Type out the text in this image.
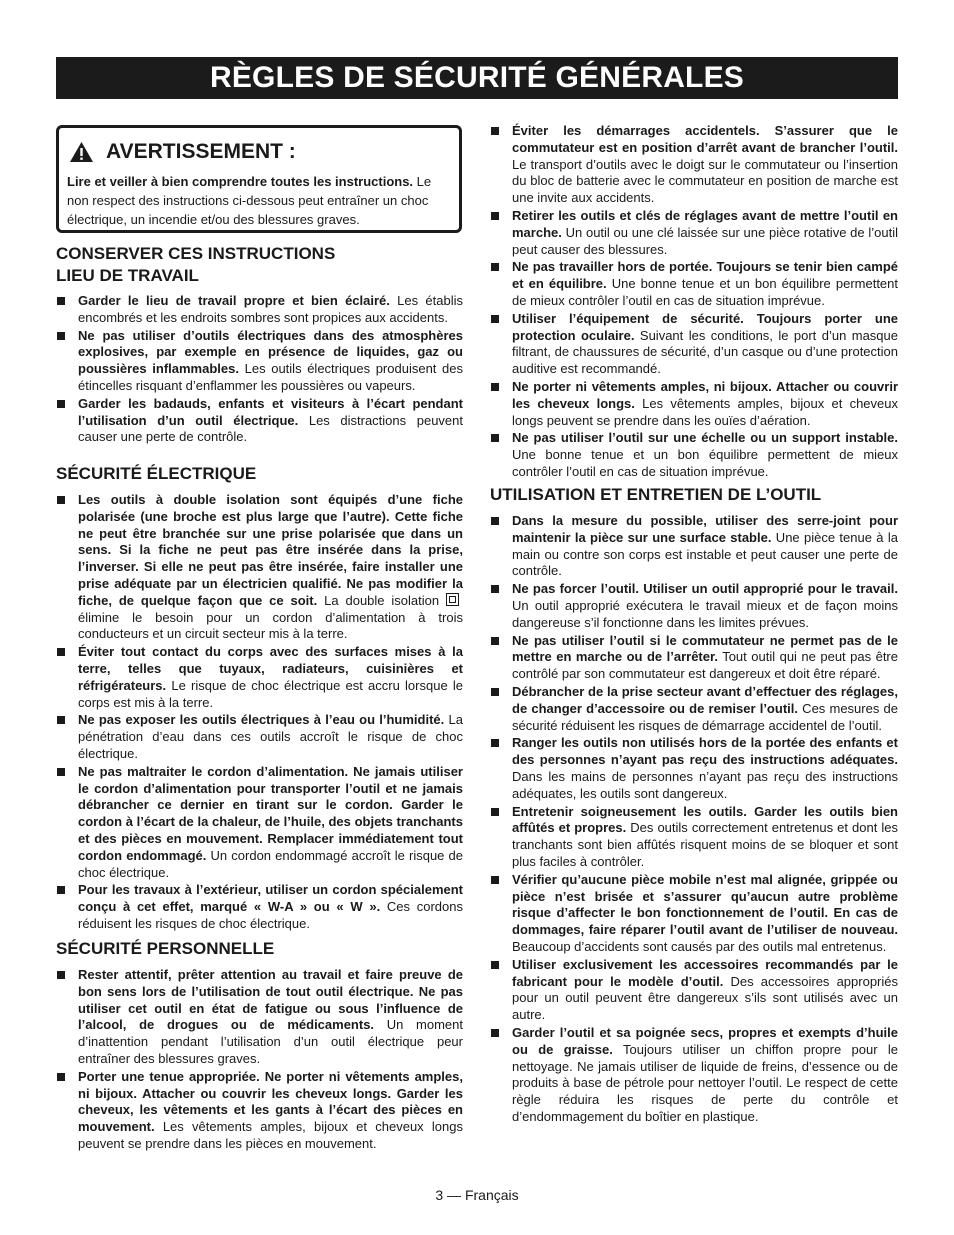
RÈGLES DE SÉCURITÉ GÉNÉRALES
AVERTISSEMENT :
Lire et veiller à bien comprendre toutes les instructions. Le non respect des instructions ci-dessous peut entraîner un choc électrique, un incendie et/ou des blessures graves.
CONSERVER CES INSTRUCTIONS
LIEU DE TRAVAIL
Garder le lieu de travail propre et bien éclairé. Les établis encombrés et les endroits sombres sont propices aux accidents.
Ne pas utiliser d’outils électriques dans des atmosphères explosives, par exemple en présence de liquides, gaz ou poussières inflammables. Les outils électriques produisent des étincelles risquant d’enflammer les poussières ou vapeurs.
Garder les badauds, enfants et visiteurs à l’écart pendant l’utilisation d’un outil électrique. Les distractions peuvent causer une perte de contrôle.
SÉCURITÉ ÉLECTRIQUE
Les outils à double isolation sont équipés d’une fiche polarisée (une broche est plus large que l’autre). Cette fiche ne peut être branchée sur une prise polarisée que dans un sens. Si la fiche ne peut pas être insérée dans la prise, l’inverser. Si elle ne peut pas être insérée, faire installer une prise adéquate par un électricien qualifié. Ne pas modifier la fiche, de quelque façon que ce soit. La double isolation élimine le besoin pour un cordon d’alimentation à trois conducteurs et un circuit secteur mis à la terre.
Éviter tout contact du corps avec des surfaces mises à la terre, telles que tuyaux, radiateurs, cuisinières et réfrigérateurs. Le risque de choc électrique est accru lorsque le corps est mis à la terre.
Ne pas exposer les outils électriques à l’eau ou l’humidité. La pénétration d’eau dans ces outils accroît le risque de choc électrique.
Ne pas maltraiter le cordon d’alimentation. Ne jamais utiliser le cordon d’alimentation pour transporter l’outil et ne jamais débrancher ce dernier en tirant sur le cordon. Garder le cordon à l’écart de la chaleur, de l’huile, des objets tranchants et des pièces en mouvement. Remplacer immédiatement tout cordon endommagé. Un cordon endommagé accroît le risque de choc électrique.
Pour les travaux à l’extérieur, utiliser un cordon spécialement conçu à cet effet, marqué « W-A » ou « W ». Ces cordons réduisent les risques de choc électrique.
SÉCURITÉ PERSONNELLE
Rester attentif, prêter attention au travail et faire preuve de bon sens lors de l’utilisation de tout outil électrique. Ne pas utiliser cet outil en état de fatigue ou sous l’influence de l’alcool, de drogues ou de médicaments. Un moment d’inattention pendant l’utilisation d’un outil électrique peur entraîner des blessures graves.
Porter une tenue appropriée. Ne porter ni vêtements amples, ni bijoux. Attacher ou couvrir les cheveux longs. Garder les cheveux, les vêtements et les gants à l’écart des pièces en mouvement. Les vêtements amples, bijoux et cheveux longs peuvent se prendre dans les pièces en mouvement.
Éviter les démarrages accidentels. S’assurer que le commutateur est en position d’arrêt avant de brancher l’outil. Le transport d’outils avec le doigt sur le commutateur ou l’insertion du bloc de batterie avec le commutateur en position de marche est une invite aux accidents.
Retirer les outils et clés de réglages avant de mettre l’outil en marche. Un outil ou une clé laissée sur une pièce rotative de l’outil peut causer des blessures.
Ne pas travailler hors de portée. Toujours se tenir bien campé et en équilibre. Une bonne tenue et un bon équilibre permettent de mieux contrôler l’outil en cas de situation imprévue.
Utiliser l’équipement de sécurité. Toujours porter une protection oculaire. Suivant les conditions, le port d’un masque filtrant, de chaussures de sécurité, d’un casque ou d’une protection auditive est recommandé.
Ne porter ni vêtements amples, ni bijoux. Attacher ou couvrir les cheveux longs. Les vêtements amples, bijoux et cheveux longs peuvent se prendre dans les ouïes d’aération.
Ne pas utiliser l’outil sur une échelle ou un support instable. Une bonne tenue et un bon équilibre permettent de mieux contrôler l’outil en cas de situation imprévue.
UTILISATION ET ENTRETIEN DE L’OUTIL
Dans la mesure du possible, utiliser des serre-joint pour maintenir la pièce sur une surface stable. Une pièce tenue à la main ou contre son corps est instable et peut causer une perte de contrôle.
Ne pas forcer l’outil. Utiliser un outil approprié pour le travail. Un outil approprié exécutera le travail mieux et de façon moins dangereuse s’il fonctionne dans les limites prévues.
Ne pas utiliser l’outil si le commutateur ne permet pas de le mettre en marche ou de l’arrêter. Tout outil qui ne peut pas être contrôlé par son commutateur est dangereux et doit être réparé.
Débrancher de la prise secteur avant d’effectuer des réglages, de changer d’accessoire ou de remiser l’outil. Ces mesures de sécurité réduisent les risques de démarrage accidentel de l’outil.
Ranger les outils non utilisés hors de la portée des enfants et des personnes n’ayant pas reçu des instructions adéquates. Dans les mains de personnes n’ayant pas reçu des instructions adéquates, les outils sont dangereux.
Entretenir soigneusement les outils. Garder les outils bien affûtés et propres. Des outils correctement entretenus et dont les tranchants sont bien affûtés risquent moins de se bloquer et sont plus faciles à contrôler.
Vérifier qu’aucune pièce mobile n’est mal alignée, grippée ou pièce n’est brisée et s’assurer qu’aucun autre problème risque d’affecter le bon fonctionnement de l’outil. En cas de dommages, faire réparer l’outil avant de l’utiliser de nouveau. Beaucoup d’accidents sont causés par des outils mal entretenus.
Utiliser exclusivement les accessoires recommandés par le fabricant pour le modèle d’outil. Des accessoires appropriés pour un outil peuvent être dangereux s’ils sont utilisés avec un autre.
Garder l’outil et sa poignée secs, propres et exempts d’huile ou de graisse. Toujours utiliser un chiffon propre pour le nettoyage. Ne jamais utiliser de liquide de freins, d’essence ou de produits à base de pétrole pour nettoyer l’outil. Le respect de cette règle réduira les risques de perte du contrôle et d’endommagement du boîtier en plastique.
3 — Français
